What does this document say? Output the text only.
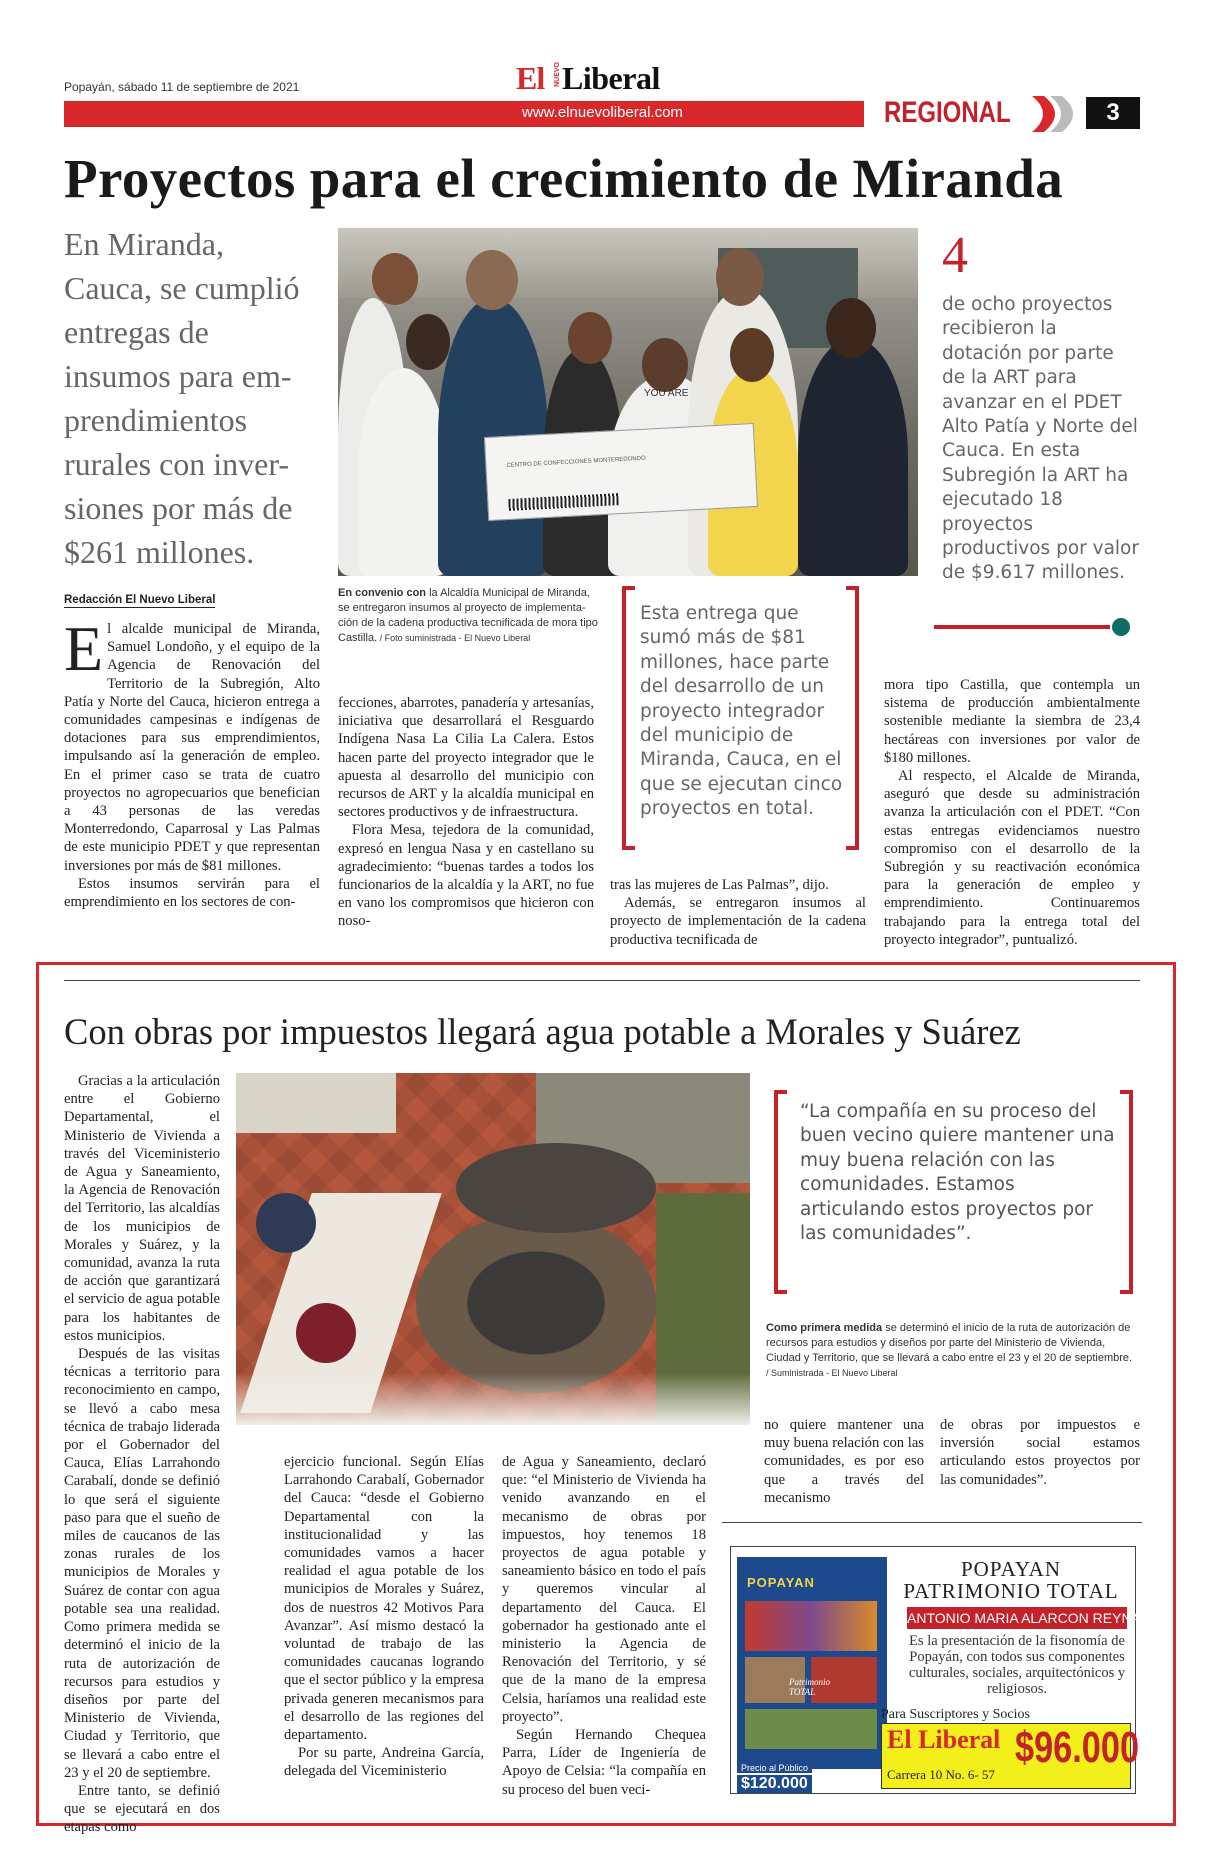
Popayán, sábado 11 de septiembre de 2021	El NUEVO Liberal
www.elnuevoliberal.com	REGIONAL	3
Proyectos para el crecimiento de Miranda
En Miranda,
Cauca, se cumplió
entregas de
insumos para em-
prendimientos
rurales con inver-
siones por más de
$261 millones.
CENTRO DE CONFECCIONES MONTEREDONDO
YOU ARE
4
de ocho proyectos recibieron la dotación por parte de la ART para avanzar en el PDET Alto Patía y Norte del Cauca. En esta Subregión la ART ha ejecutado 18 proyectos productivos por valor de $9.617 millones.
Redacción El Nuevo Liberal
En convenio con la Alcaldía Municipal de Miranda, se entregaron insumos al proyecto de implementa-ción de la cadena productiva tecnificada de mora tipo Castilla. / Foto suministrada - El Nuevo Liberal
Esta entrega que sumó más de $81 millones, hace parte del desarrollo de un proyecto integrador del municipio de Miranda, Cauca, en el que se ejecutan cinco proyectos en total.
El alcalde municipal de Miranda, Samuel Londoño, y el equipo de la Agencia de Renovación del Territorio de la Subregión, Alto Patía y Norte del Cauca, hicieron entrega a comunidades campesinas e indígenas de dotaciones para sus emprendimientos, impulsando así la generación de empleo. En el primer caso se trata de cuatro proyectos no agropecuarios que benefician a 43 personas de las veredas Monterredondo, Caparrosal y Las Palmas de este municipio PDET y que representan inversiones por más de $81 millones.

Estos insumos servirán para el emprendimiento en los sectores de con-

fecciones, abarrotes, panadería y artesanías, iniciativa que desarrollará el Resguardo Indígena Nasa La Cilia La Calera. Estos hacen parte del proyecto integrador que le apuesta al desarrollo del municipio con recursos de ART y la alcaldía municipal en sectores productivos y de infraestructura.

Flora Mesa, tejedora de la comunidad, expresó en lengua Nasa y en castellano su agradecimiento: “buenas tardes a todos los funcionarios de la alcaldía y la ART, no fue en vano los compromisos que hicieron con noso-

tras las mujeres de Las Palmas”, dijo.

Además, se entregaron insumos al proyecto de implementación de la cadena productiva tecnificada de

mora tipo Castilla, que contempla un sistema de producción ambientalmente sostenible mediante la siembra de 23,4 hectáreas con inversiones por valor de $180 millones.

Al respecto, el Alcalde de Miranda, aseguró que desde su administración avanza la articulación con el PDET. “Con estas entregas evidenciamos nuestro compromiso con el desarrollo de la Subregión y su reactivación económica para la generación de empleo y emprendimiento. Continuaremos trabajando para la entrega total del proyecto integrador”, puntualizó.

Con obras por impuestos llegará agua potable a Morales y Suárez
“La compañía en su proceso del buen vecino quiere mantener una muy buena relación con las comunidades. Estamos articulando estos proyectos por las comunidades”.
Como primera medida se determinó el inicio de la ruta de autorización de recursos para estudios y diseños por parte del Ministerio de Vivienda, Ciudad y Territorio, que se llevará a cabo entre el 23 y el 20 de septiembre.
/ Suministrada - El Nuevo Liberal

Gracias a la articulación entre el Gobierno Departamental, el Ministerio de Vivienda a través del Viceministerio de Agua y Saneamiento, la Agencia de Renovación del Territorio, las alcaldías de los municipios de Morales y Suárez, y la comunidad, avanza la ruta de acción que garantizará el servicio de agua potable para los habitantes de estos municipios.

Después de las visitas técnicas a territorio para reconocimiento en campo, se llevó a cabo mesa técnica de trabajo liderada por el Gobernador del Cauca, Elías Larrahondo Carabalí, donde se definió lo que será el siguiente paso para que el sueño de miles de caucanos de las zonas rurales de los municipios de Morales y Suárez de contar con agua potable sea una realidad. Como primera medida se determinó el inicio de la ruta de autorización de recursos para estudios y diseños por parte del Ministerio de Vivienda, Ciudad y Territorio, que se llevará a cabo entre el 23 y el 20 de septiembre.

Entre tanto, se definió que se ejecutará en dos etapas como

ejercicio funcional. Según Elías Larrahondo Carabalí, Gobernador del Cauca: “desde el Gobierno Departamental con la institucionalidad y las comunidades vamos a hacer realidad el agua potable de los municipios de Morales y Suárez, dos de nuestros 42 Motivos Para Avanzar”. Así mismo destacó la voluntad de trabajo de las comunidades caucanas logrando que el sector público y la empresa privada generen mecanismos para el desarrollo de las regiones del departamento.

Por su parte, Andreina García, delegada del Viceministerio

de Agua y Saneamiento, declaró que: “el Ministerio de Vivienda ha venido avanzando en el mecanismo de obras por impuestos, hoy tenemos 18 proyectos de agua potable y saneamiento básico en todo el país y queremos vincular al departamento del Cauca. El gobernador ha gestionado ante el ministerio la Agencia de Renovación del Territorio, y sé que de la mano de la empresa Celsia, haríamos una realidad este proyecto”.

Según Hernando Chequea Parra, Líder de Ingeniería de Apoyo de Celsia: “la compañía en su proceso del buen veci-

no quiere mantener una muy buena relación con las comunidades, es por eso que a través del mecanismo
de obras por impuestos e inversión social estamos articulando estos proyectos por las comunidades”.
POPAYAN
Patrimonio TOTAL
Precio al Público
$120.000
POPAYAN
PATRIMONIO TOTAL
ANTONIO MARIA ALARCON REYNA
Es la presentación de la fisonomía de Popayán, con todos sus componentes culturales, sociales, arquitectónicos y religiosos.
Para Suscriptores y Socios
El Liberal $96.000
Carrera 10 No. 6- 57
